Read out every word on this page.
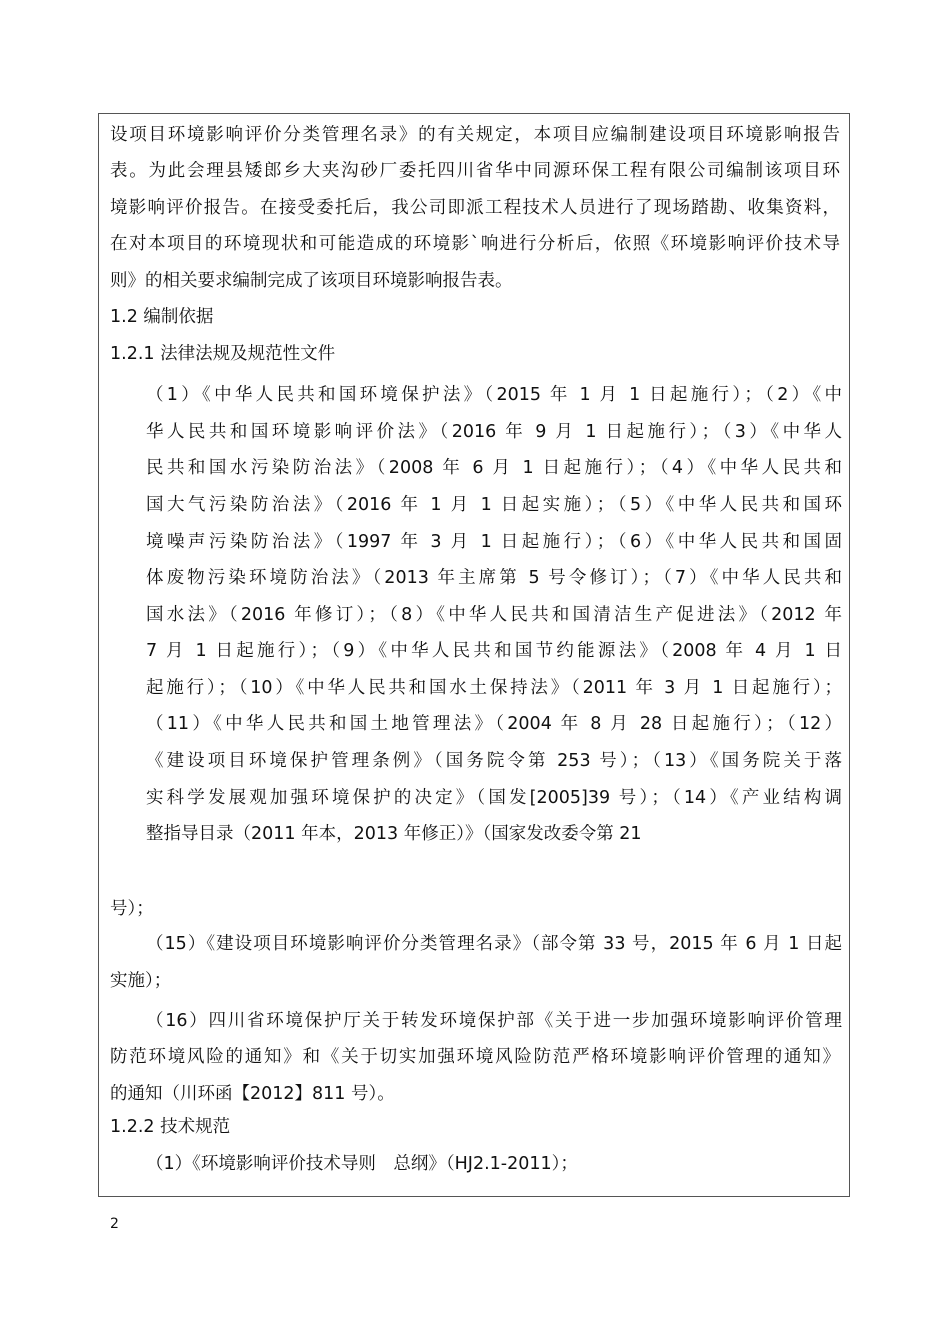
设项目环境影响评价分类管理名录》的有关规定，本项目应编制建设项目环境影响报告
表。为此会理县矮郎乡大夹沟砂厂委托四川省华中同源环保工程有限公司编制该项目环
境影响评价报告。在接受委托后，我公司即派工程技术人员进行了现场踏勘、收集资料，
在对本项目的环境现状和可能造成的环境影`响进行分析后，依照《环境影响评价技术导
则》的相关要求编制完成了该项目环境影响报告表。
1.2 编制依据
1.2.1 法律法规及规范性文件
（1）《中华人民共和国环境保护法》（2015 年 1 月 1 日起施行）；（2）《中
华人民共和国环境影响评价法》（2016 年 9 月 1 日起施行）；（3）《中华人
民共和国水污染防治法》（2008 年 6 月 1 日起施行）；（4）《中华人民共和
国大气污染防治法》（2016 年 1 月 1 日起实施）；（5）《中华人民共和国环
境噪声污染防治法》（1997 年 3 月 1 日起施行）；（6）《中华人民共和国固
体废物污染环境防治法》（2013 年主席第 5 号令修订）；（7）《中华人民共和
国水法》（2016 年修订）；（8）《中华人民共和国清洁生产促进法》（2012 年
7 月 1 日起施行）；（9）《中华人民共和国节约能源法》（2008 年 4 月 1 日
起施行）；（10）《中华人民共和国水土保持法》（2011 年 3 月 1 日起施行）；
（11）《中华人民共和国土地管理法》（2004 年 8 月 28 日起施行）；（12）
《建设项目环境保护管理条例》（国务院令第 253 号）；（13）《国务院关于落
实科学发展观加强环境保护的决定》（国发[2005]39 号）；（14）《产业结构调
整指导目录（2011 年本，2013 年修正）》（国家发改委令第 21
号）；
（15）《建设项目环境影响评价分类管理名录》（部令第 33 号，2015 年 6 月 1 日起
实施）；
（16）四川省环境保护厅关于转发环境保护部《关于进一步加强环境影响评价管理
防范环境风险的通知》和《关于切实加强环境风险防范严格环境影响评价管理的通知》
的通知（川环函【2012】811 号）。
1.2.2 技术规范
（1）《环境影响评价技术导则　总纲》（HJ2.1-2011）；
2
